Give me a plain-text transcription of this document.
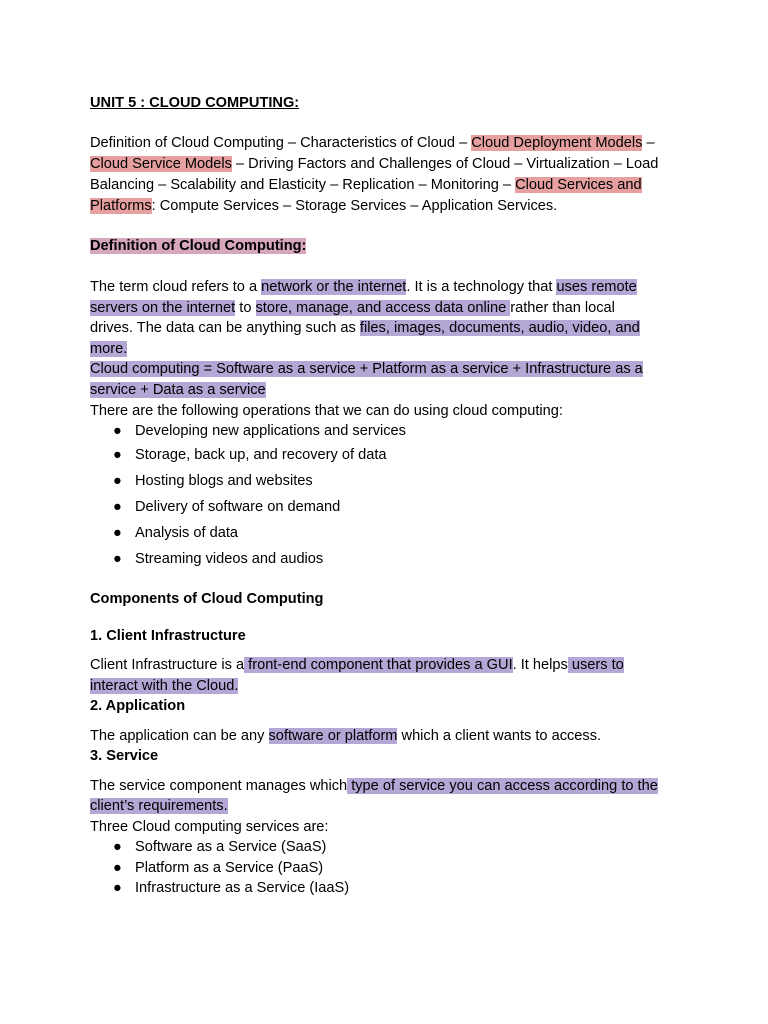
UNIT 5 : CLOUD COMPUTING:
Definition of Cloud Computing – Characteristics of Cloud – Cloud Deployment Models –
Cloud Service Models – Driving Factors and Challenges of Cloud – Virtualization – Load
Balancing – Scalability and Elasticity – Replication – Monitoring – Cloud Services and
Platforms: Compute Services – Storage Services – Application Services.
Definition of Cloud Computing:
The term cloud refers to a network or the internet. It is a technology that uses remote
servers on the internet to store, manage, and access data online rather than local
drives. The data can be anything such as files, images, documents, audio, video, and
more.
Cloud computing = Software as a service + Platform as a service + Infrastructure as a
service + Data as a service
There are the following operations that we can do using cloud computing:
● Developing new applications and services
● Storage, back up, and recovery of data
● Hosting blogs and websites
● Delivery of software on demand
● Analysis of data
● Streaming videos and audios
Components of Cloud Computing
1. Client Infrastructure
Client Infrastructure is a front-end component that provides a GUI. It helps users to
interact with the Cloud.
2. Application
The application can be any software or platform which a client wants to access.
3. Service
The service component manages which type of service you can access according to the
client’s requirements.
Three Cloud computing services are:
● Software as a Service (SaaS)
● Platform as a Service (PaaS)
● Infrastructure as a Service (IaaS)
